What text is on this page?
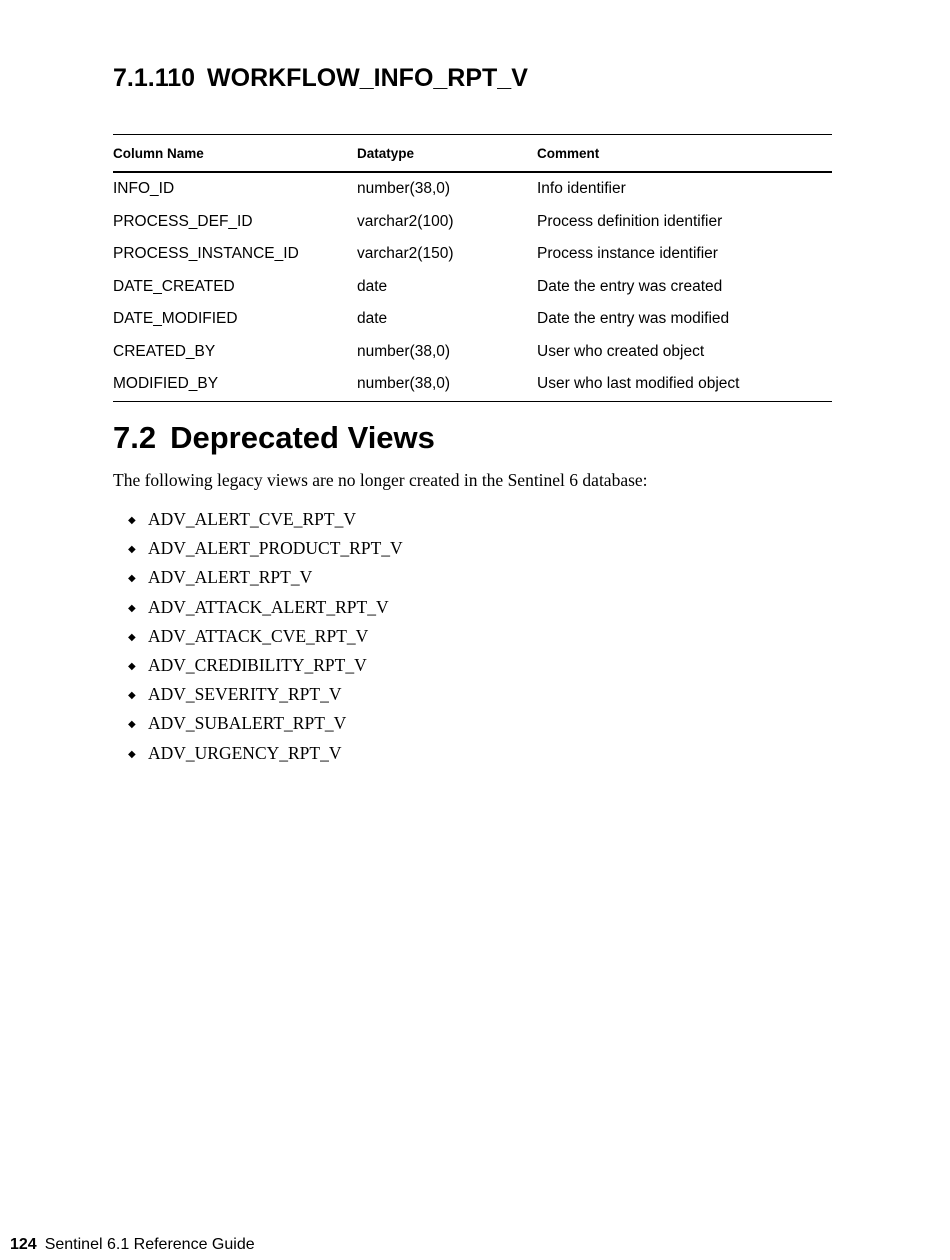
7.1.110 WORKFLOW_INFO_RPT_V
Column Name	Datatype	Comment
INFO_ID	number(38,0)	Info identifier
PROCESS_DEF_ID	varchar2(100)	Process definition identifier
PROCESS_INSTANCE_ID	varchar2(150)	Process instance identifier
DATE_CREATED	date	Date the entry was created
DATE_MODIFIED	date	Date the entry was modified
CREATED_BY	number(38,0)	User who created object
MODIFIED_BY	number(38,0)	User who last modified object
7.2 Deprecated Views

The following legacy views are no longer created in the Sentinel 6 database:

◆ ADV_ALERT_CVE_RPT_V
◆ ADV_ALERT_PRODUCT_RPT_V
◆ ADV_ALERT_RPT_V
◆ ADV_ATTACK_ALERT_RPT_V
◆ ADV_ATTACK_CVE_RPT_V
◆ ADV_CREDIBILITY_RPT_V
◆ ADV_SEVERITY_RPT_V
◆ ADV_SUBALERT_RPT_V
◆ ADV_URGENCY_RPT_V
124 Sentinel 6.1 Reference Guide
